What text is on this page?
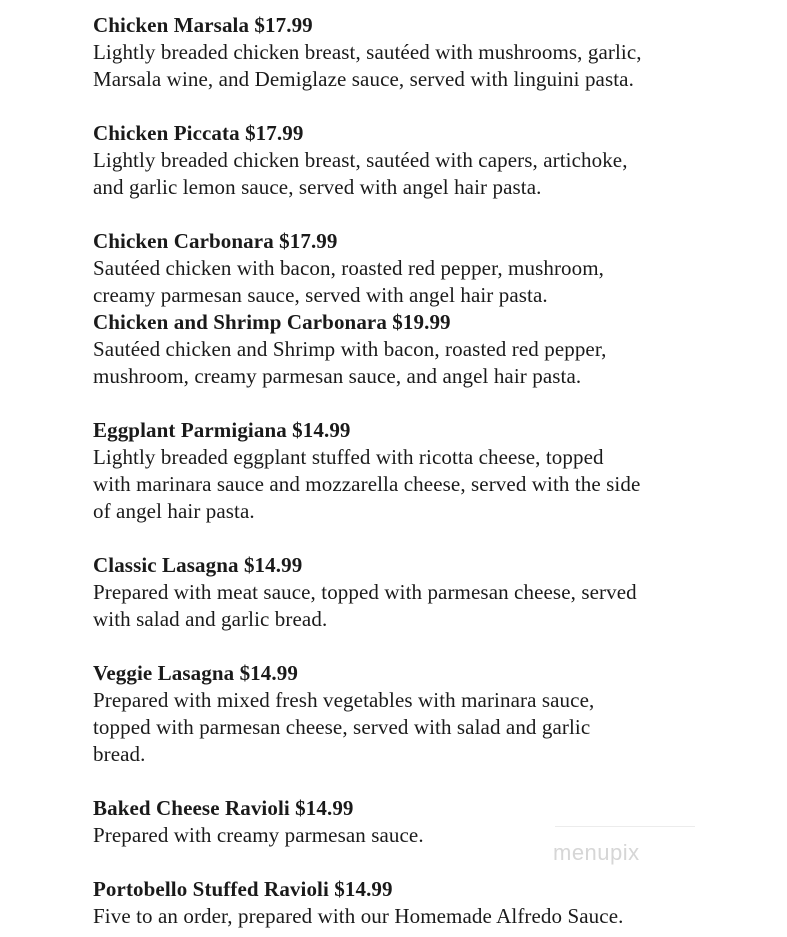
Chicken Marsala $17.99
Lightly breaded chicken breast, sautéed with mushrooms, garlic,
Marsala wine, and Demiglaze sauce, served with linguini pasta.
Chicken Piccata $17.99
Lightly breaded chicken breast, sautéed with capers, artichoke,
and garlic lemon sauce, served with angel hair pasta.
Chicken Carbonara $17.99
Sautéed chicken with bacon, roasted red pepper, mushroom,
creamy parmesan sauce, served with angel hair pasta.
Chicken and Shrimp Carbonara $19.99
Sautéed chicken and Shrimp with bacon, roasted red pepper,
mushroom, creamy parmesan sauce, and angel hair pasta.
Eggplant Parmigiana $14.99
Lightly breaded eggplant stuffed with ricotta cheese, topped
with marinara sauce and mozzarella cheese, served with the side
of angel hair pasta.
Classic Lasagna $14.99
Prepared with meat sauce, topped with parmesan cheese, served
with salad and garlic bread.
Veggie Lasagna $14.99
Prepared with mixed fresh vegetables with marinara sauce,
topped with parmesan cheese, served with salad and garlic
bread.
Baked Cheese Ravioli $14.99
Prepared with creamy parmesan sauce.
Portobello Stuffed Ravioli $14.99
Five to an order, prepared with our Homemade Alfredo Sauce.
menupix
